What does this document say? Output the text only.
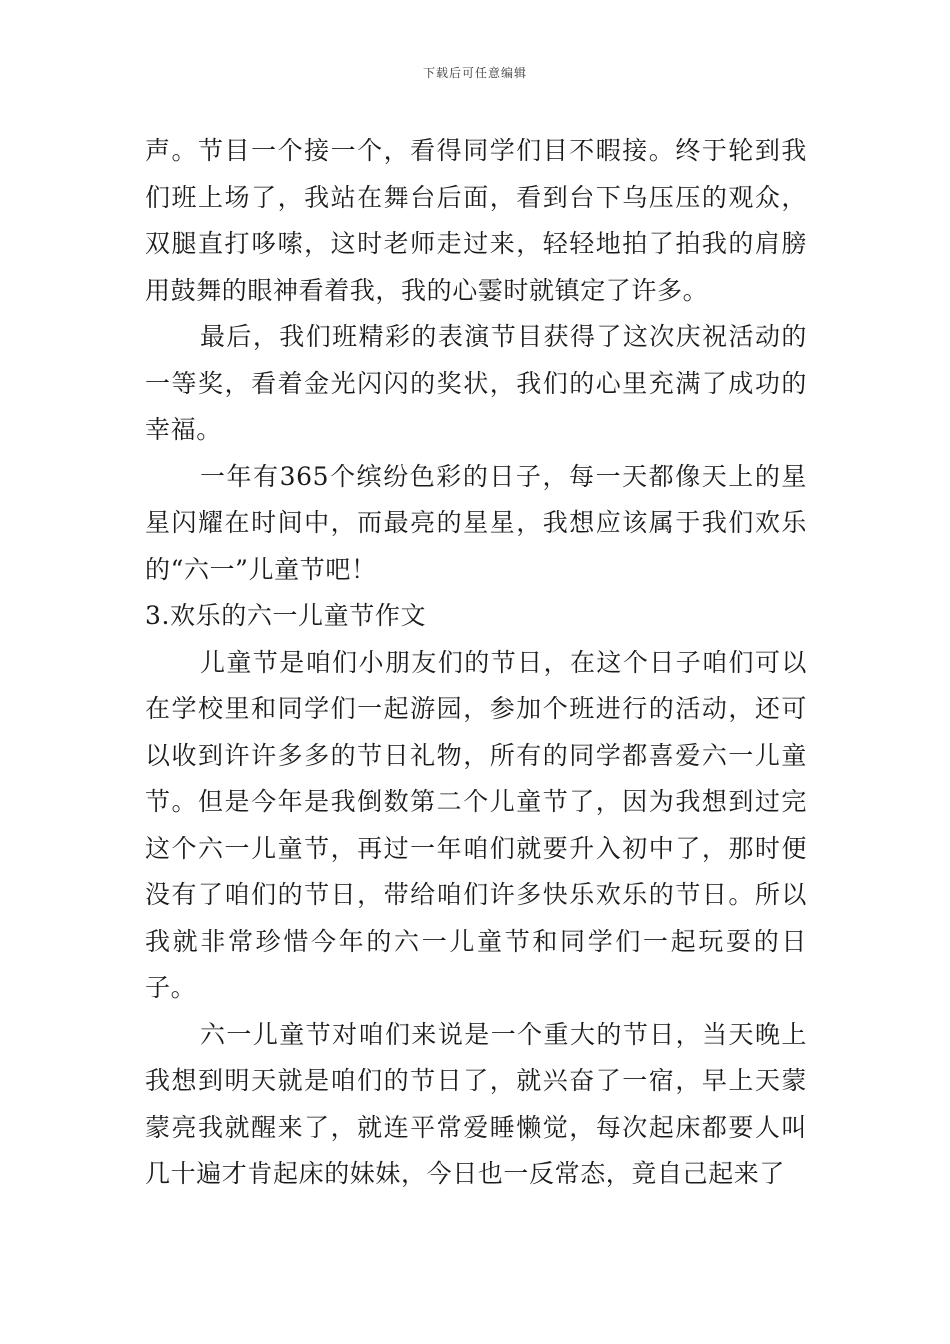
下载后可任意编辑

声。节目一个接一个，看得同学们目不暇接。终于轮到我们班上场了，我站在舞台后面，看到台下乌压压的观众，双腿直打哆嗦，这时老师走过来，轻轻地拍了拍我的肩膀用鼓舞的眼神看着我，我的心霎时就镇定了许多。

最后，我们班精彩的表演节目获得了这次庆祝活动的一等奖，看着金光闪闪的奖状，我们的心里充满了成功的幸福。

一年有365个缤纷色彩的日子，每一天都像天上的星星闪耀在时间中，而最亮的星星，我想应该属于我们欢乐的“六一”儿童节吧！

3.欢乐的六一儿童节作文

儿童节是咱们小朋友们的节日，在这个日子咱们可以在学校里和同学们一起游园，参加个班进行的活动，还可以收到许许多多的节日礼物，所有的同学都喜爱六一儿童节。但是今年是我倒数第二个儿童节了，因为我想到过完这个六一儿童节，再过一年咱们就要升入初中了，那时便没有了咱们的节日，带给咱们许多快乐欢乐的节日。所以我就非常珍惜今年的六一儿童节和同学们一起玩耍的日子。

六一儿童节对咱们来说是一个重大的节日，当天晚上我想到明天就是咱们的节日了，就兴奋了一宿，早上天蒙蒙亮我就醒来了，就连平常爱睡懒觉，每次起床都要人叫几十遍才肯起床的妹妹，今日也一反常态，竟自己起来了
